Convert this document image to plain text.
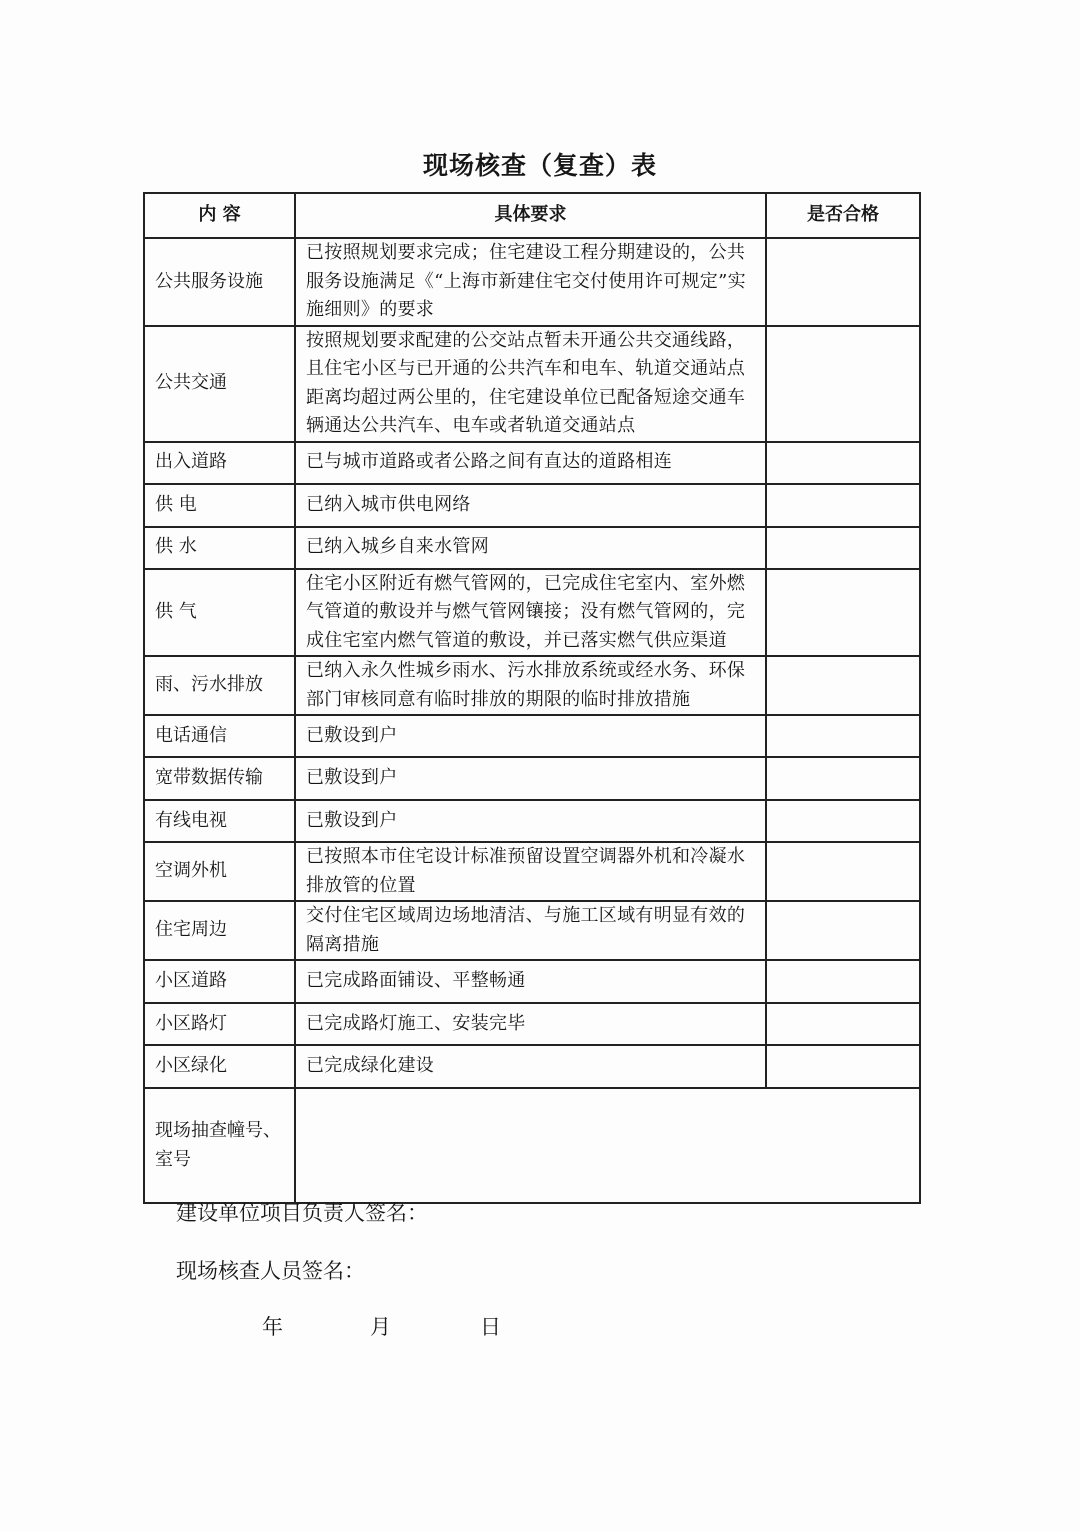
现场核查（复查）表
内 容	具体要求	是否合格
公共服务设施	已按照规划要求完成；住宅建设工程分期建设的，公共服务设施满足《“上海市新建住宅交付使用许可规定”实施细则》的要求	
公共交通	按照规划要求配建的公交站点暂未开通公共交通线路，且住宅小区与已开通的公共汽车和电车、轨道交通站点距离均超过两公里的，住宅建设单位已配备短途交通车辆通达公共汽车、电车或者轨道交通站点	
出入道路	已与城市道路或者公路之间有直达的道路相连	
供 电	已纳入城市供电网络	
供 水	已纳入城乡自来水管网	
供 气	住宅小区附近有燃气管网的，已完成住宅室内、室外燃气管道的敷设并与燃气管网镶接；没有燃气管网的，完成住宅室内燃气管道的敷设，并已落实燃气供应渠道	
雨、污水排放	已纳入永久性城乡雨水、污水排放系统或经水务、环保部门审核同意有临时排放的期限的临时排放措施	
电话通信	已敷设到户	
宽带数据传输	已敷设到户	
有线电视	已敷设到户	
空调外机	已按照本市住宅设计标准预留设置空调器外机和冷凝水排放管的位置	
住宅周边	交付住宅区域周边场地清洁、与施工区域有明显有效的隔离措施	
小区道路	已完成路面铺设、平整畅通	
小区路灯	已完成路灯施工、安装完毕	
小区绿化	已完成绿化建设	
现场抽查幢号、室号		
建设单位项目负责人签名：
现场核查人员签名：
年	月	日
